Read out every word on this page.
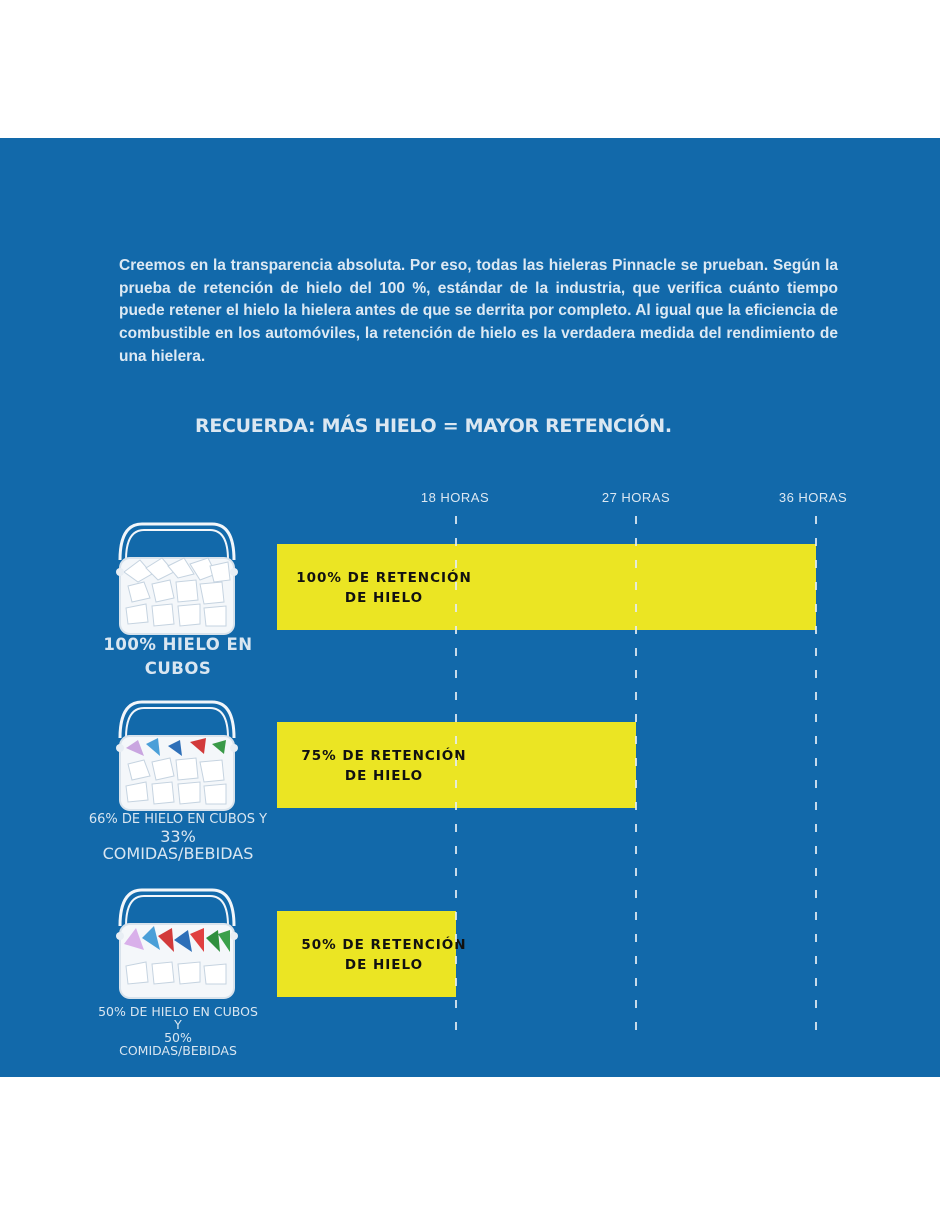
Creemos en la transparencia absoluta. Por eso, todas las hieleras Pinnacle se prueban. Según la prueba de retención de hielo del 100 %, estándar de la industria, que verifica cuánto tiempo puede retener el hielo la hielera antes de que se derrita por completo. Al igual que la eficiencia de combustible en los automóviles, la retención de hielo es la verdadera medida del rendimiento de una hielera.

RECUERDA: MÁS HIELO = MAYOR RETENCIÓN.

100% HIELO EN
CUBOS
66% DE HIELO EN CUBOS Y
33%
COMIDAS/BEBIDAS
50% DE HIELO EN CUBOS
Y
50%
COMIDAS/BEBIDAS
100% DE RETENCIÓN DE HIELO
75% DE RETENCIÓN DE HIELO
50% DE RETENCIÓN DE HIELO
18 HORAS	27 HORAS	36 HORAS
